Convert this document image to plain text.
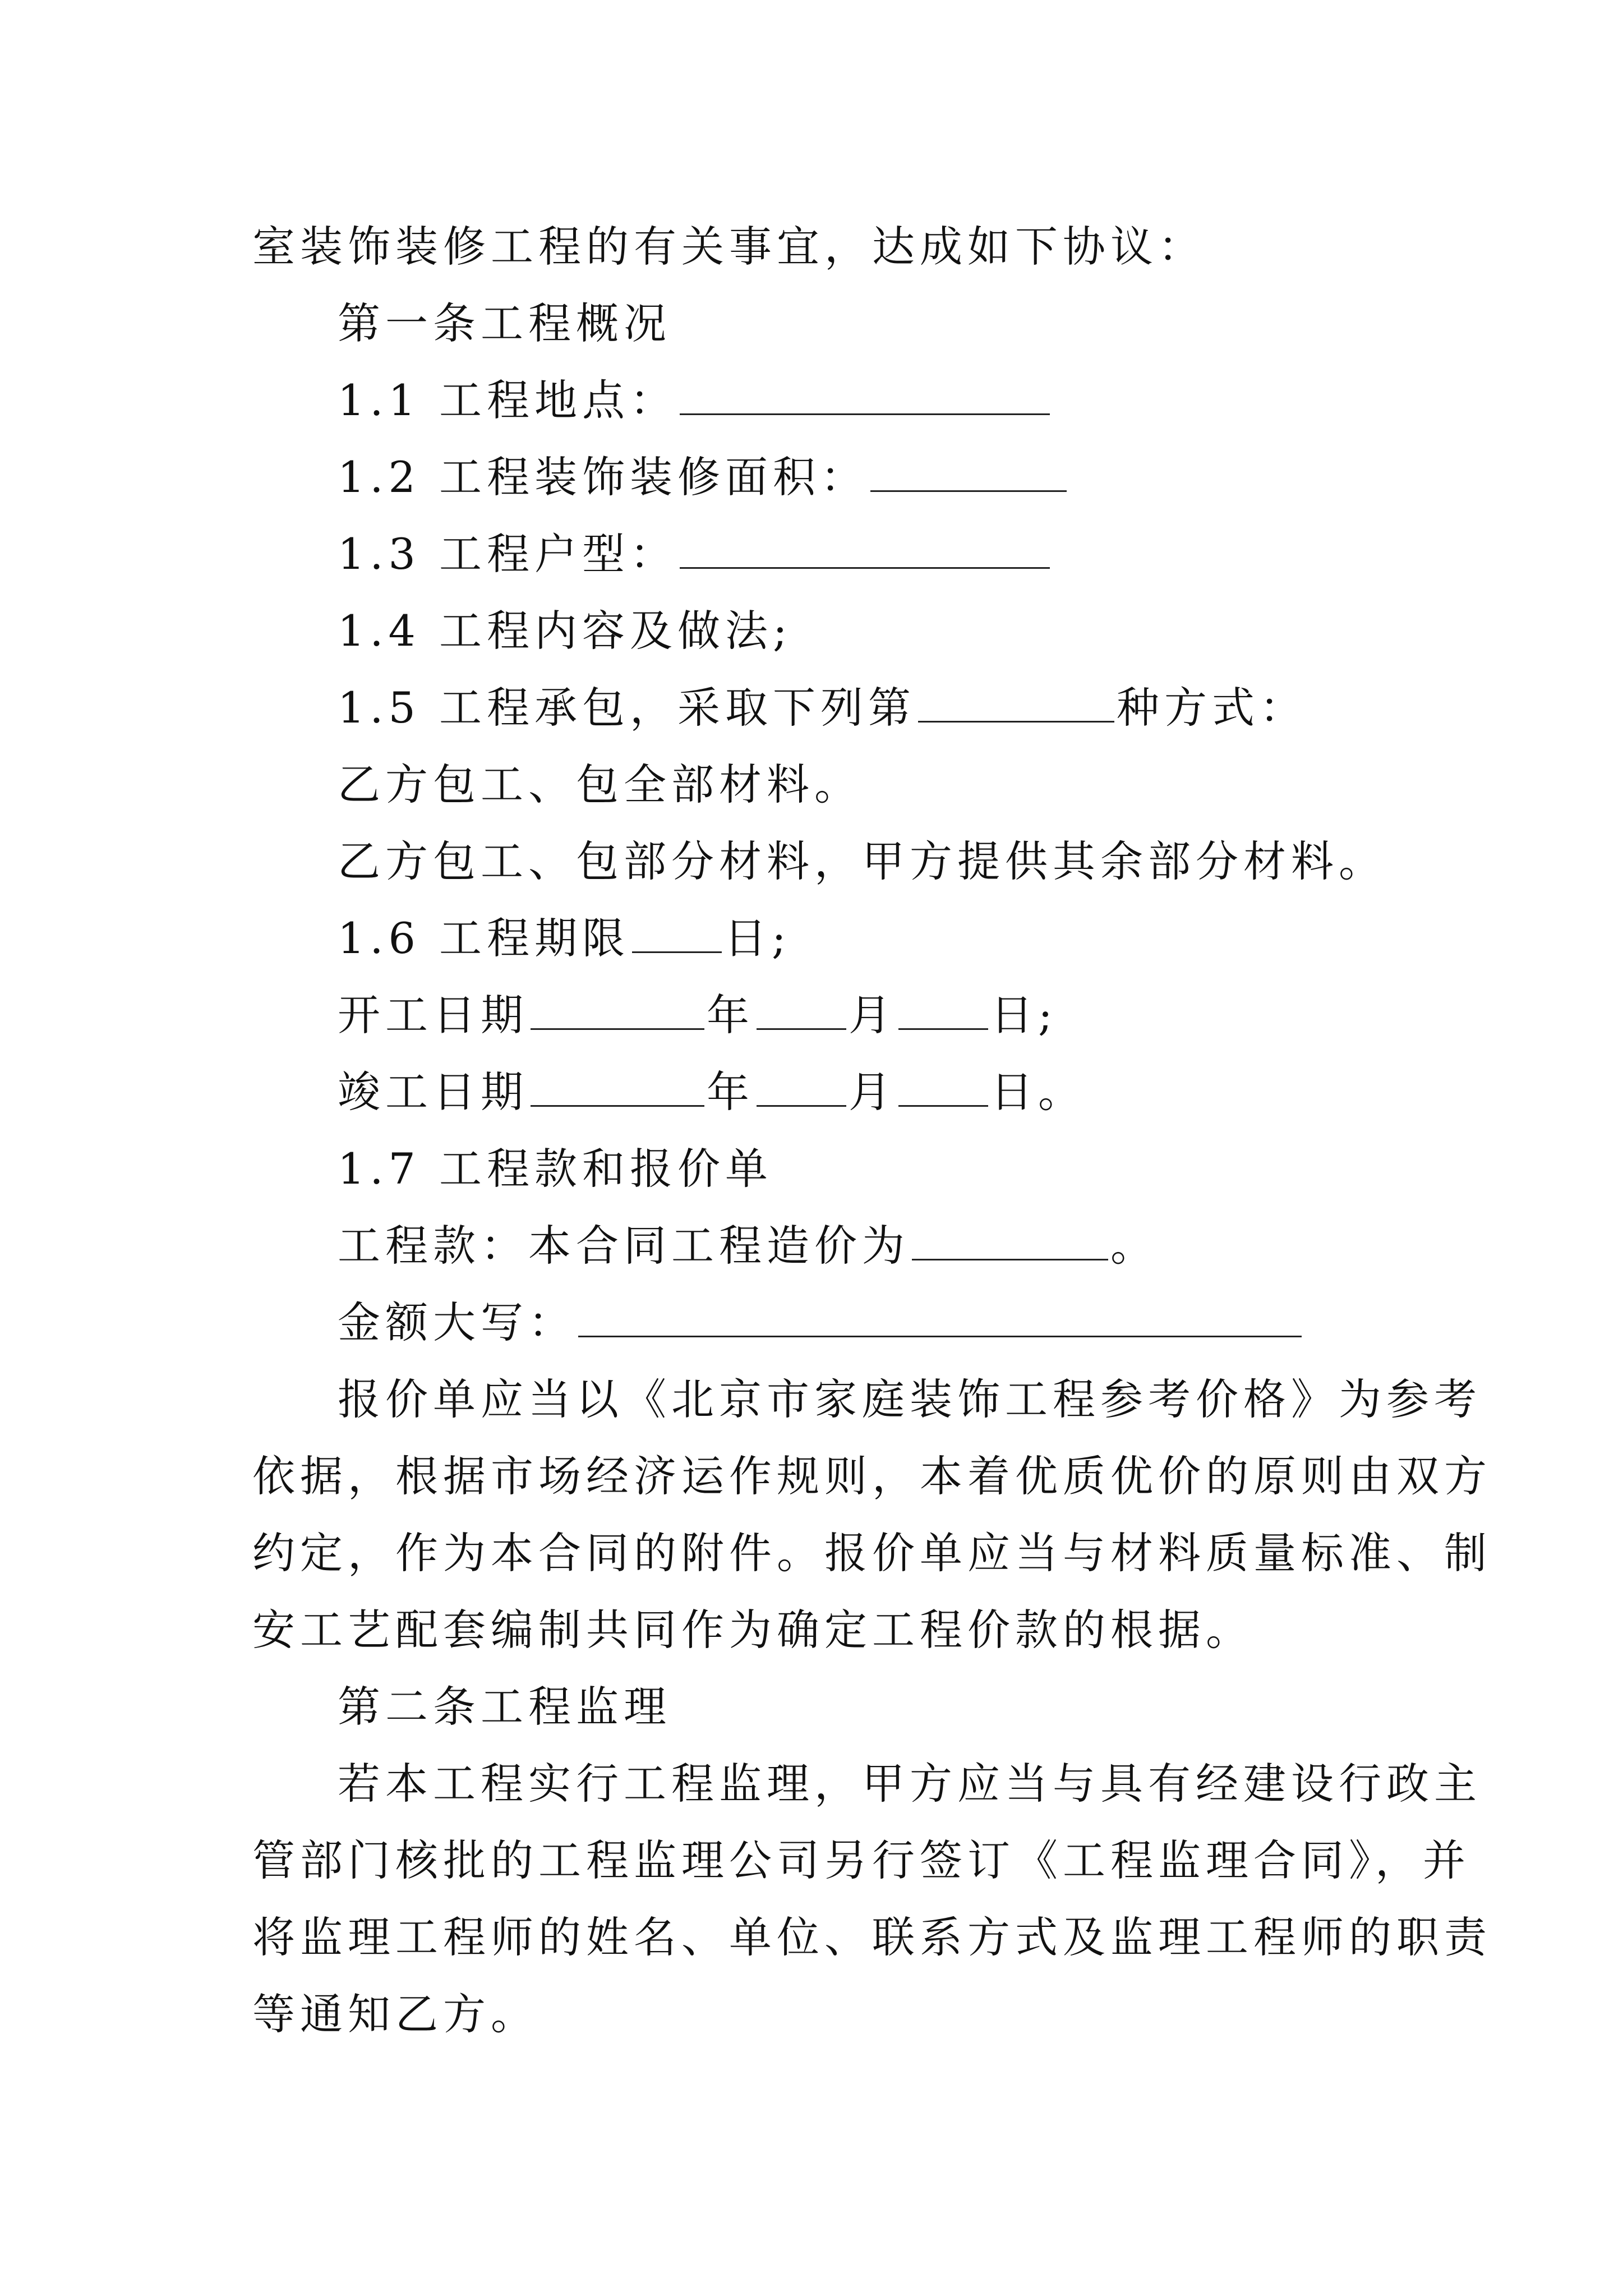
室装饰装修工程的有关事宜，达成如下协议：
第一条工程概况
1.1 工程地点：
1.2 工程装饰装修面积：
1.3 工程户型：
1.4 工程内容及做法;
1.5 工程承包，采取下列第	种方式：
乙方包工、包全部材料。
乙方包工、包部分材料，甲方提供其余部分材料。
1.6 工程期限 日;
开工日期	年 月 日;
竣工日期	年 月 日。
1.7 工程款和报价单
工程款：本合同工程造价为	。
金额大写：
报价单应当以《北京市家庭装饰工程参考价格》为参考
依据，根据市场经济运作规则，本着优质优价的原则由双方
约定，作为本合同的附件。报价单应当与材料质量标准、制
安工艺配套编制共同作为确定工程价款的根据。
第二条工程监理
若本工程实行工程监理，甲方应当与具有经建设行政主
管部门核批的工程监理公司另行签订《工程监理合同》，并
将监理工程师的姓名、单位、联系方式及监理工程师的职责
等通知乙方。
